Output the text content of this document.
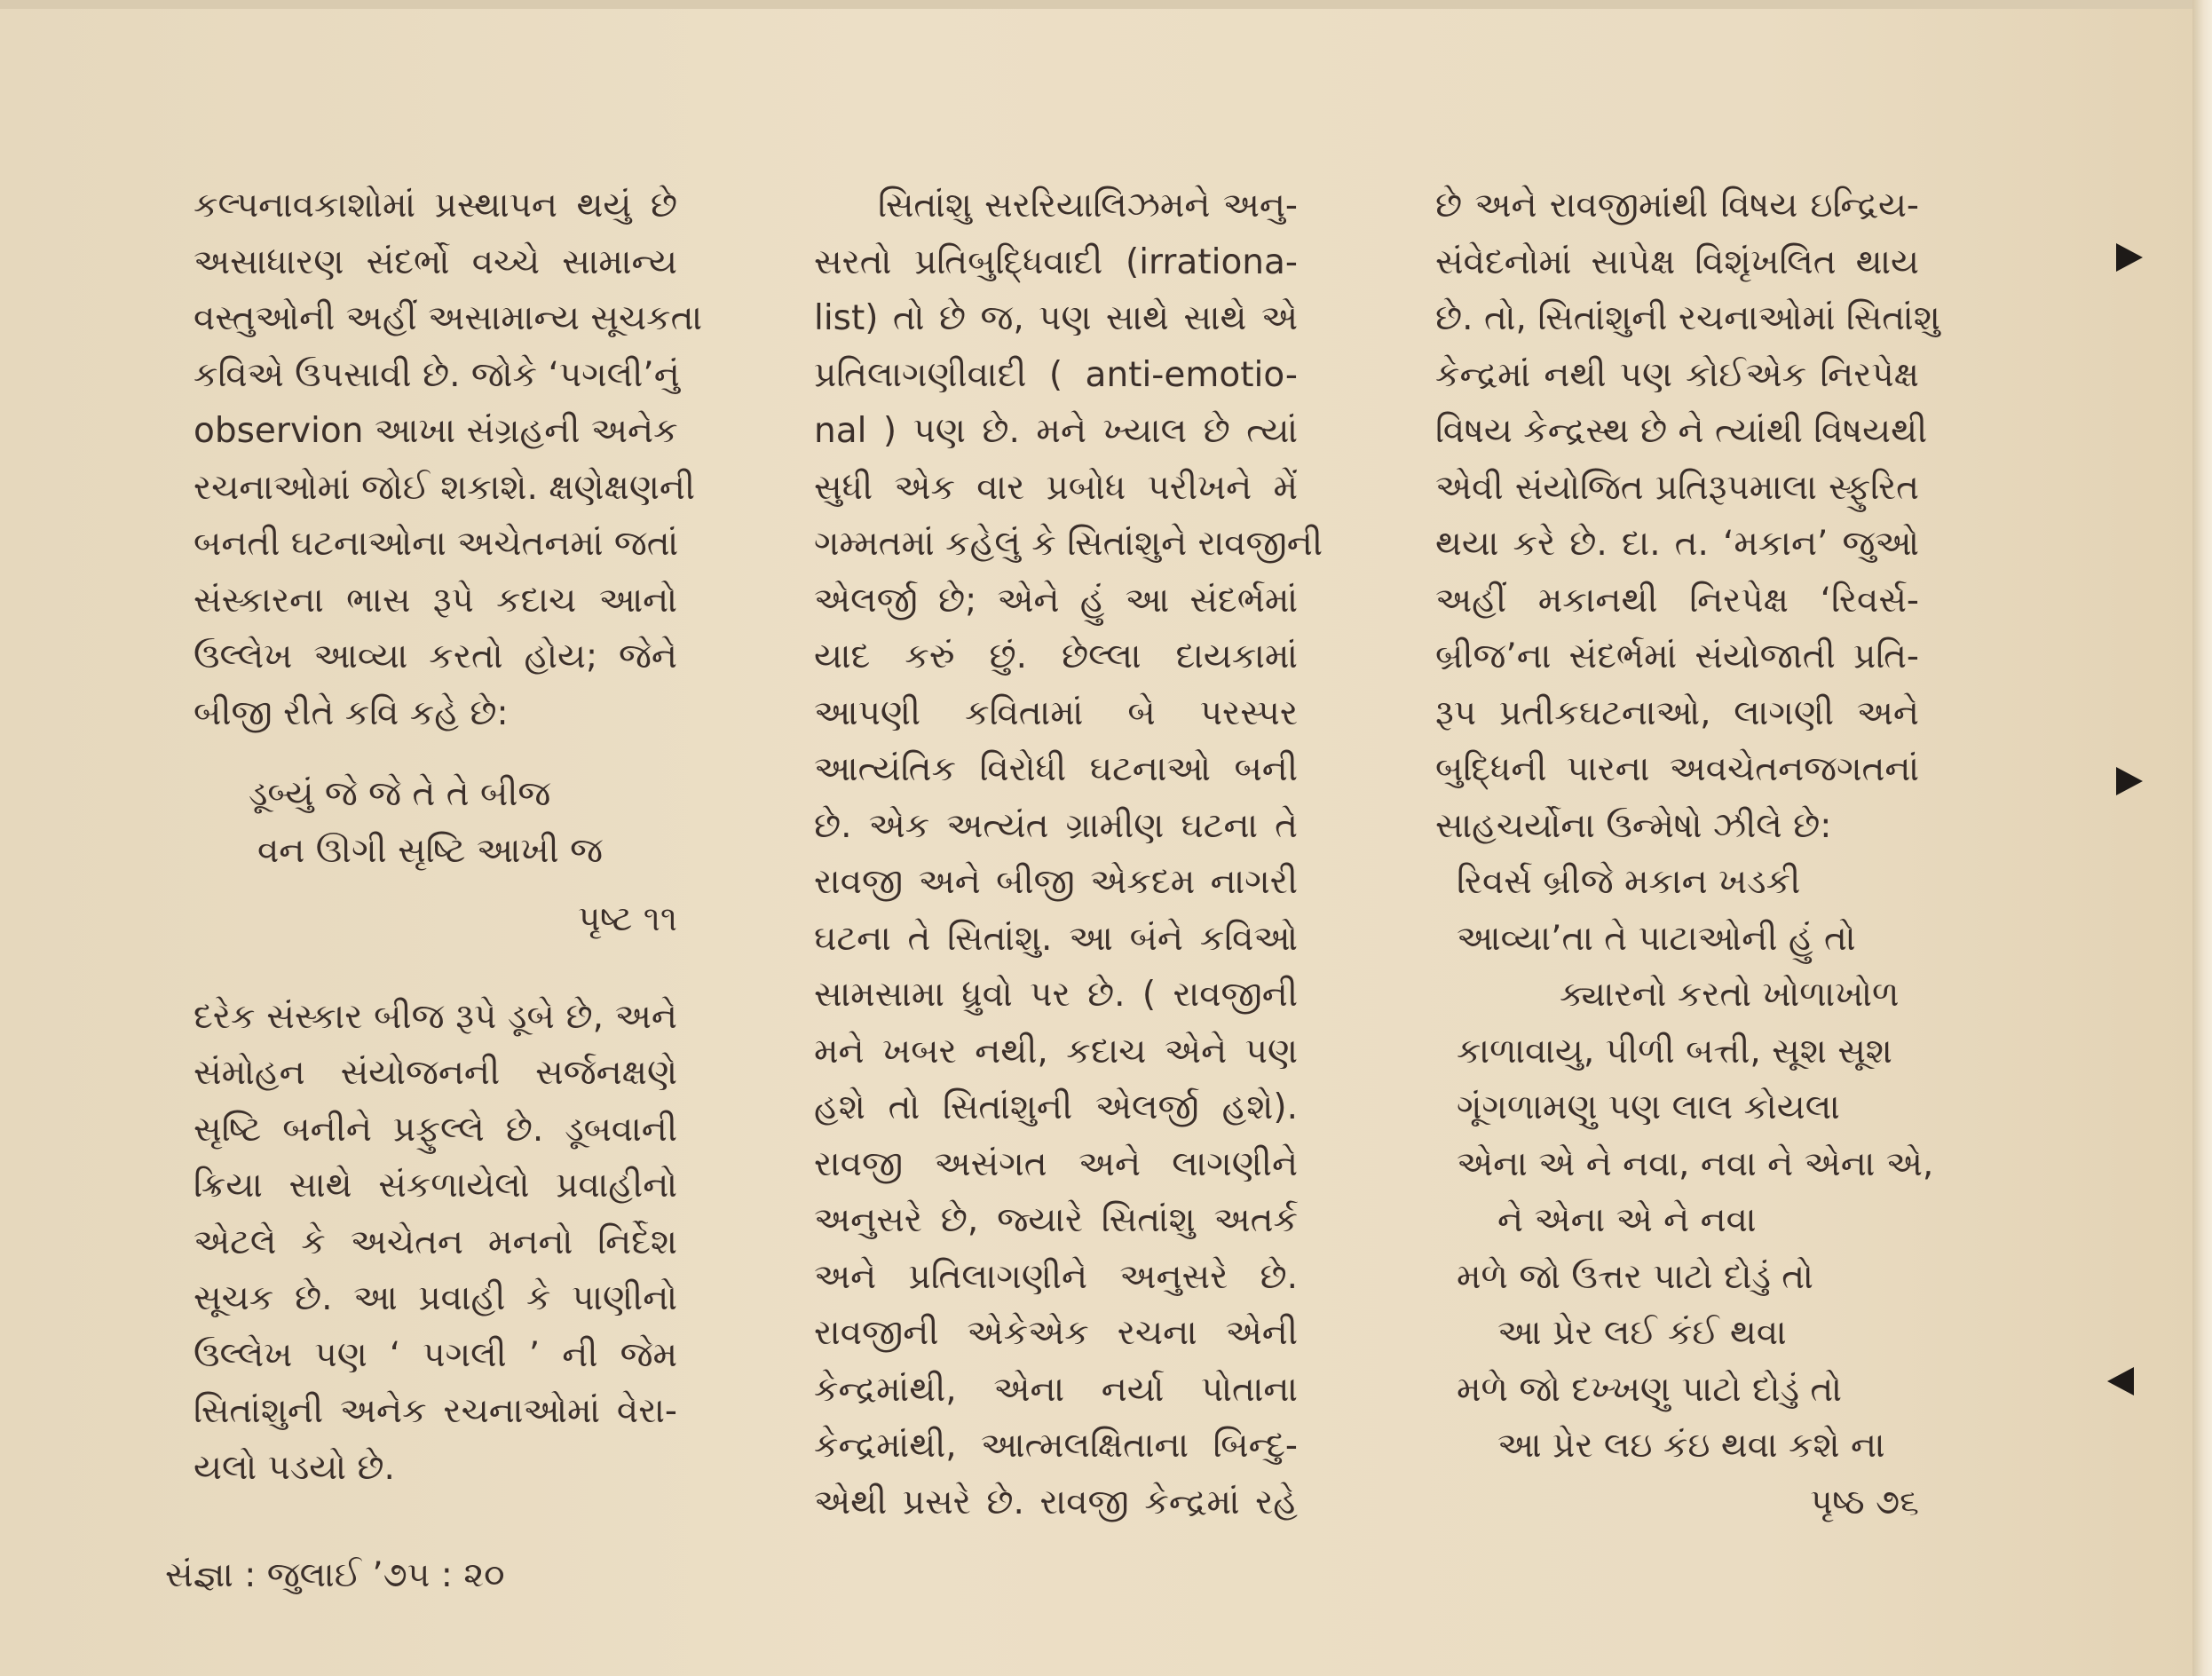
કલ્પનાવકાશોમાં પ્રસ્થાપન થયું છે

અસાધારણ સંદર્ભો વચ્ચે સામાન્ય

વસ્તુઓની અહીં અસામાન્ય સૂચકતા

કવિએ ઉપસાવી છે. જોકે ‘પગલી’નું

observion આખા સંગ્રહની અનેક

રચનાઓમાં જોઈ શકાશે. ક્ષણેક્ષણની

બનતી ઘટનાઓના અચેતનમાં જતાં

સંસ્કારના ભાસ રૂપે કદાચ આનો

ઉલ્લેખ આવ્યા કરતો હોય; જેને

બીજી રીતે કવિ કહે છે:

ડૂબ્યું જે જે તે તે બીજ

વન ઊગી સૃષ્ટિ આખી જ

પૃષ્ટ ૧૧

દરેક સંસ્કાર બીજ રૂપે ડૂબે છે, અને

સંમોહન સંયોજનની સર્જનક્ષણે

સૃષ્ટિ બનીને પ્રફુલ્લે છે. ડૂબવાની

ક્રિયા સાથે સંકળાયેલો પ્રવાહીનો

એટલે કે અચેતન મનનો નિર્દેશ

સૂચક છે. આ પ્રવાહી કે પાણીનો

ઉલ્લેખ પણ ‘ પગલી ’ ની જેમ

સિતાંશુની અનેક રચનાઓમાં વેરા-

યલો પડયો છે.

સિતાંશુ સરરિયાલિઝમને અનુ-

સરતો પ્રતિબુદ્ધિવાદી (irrationa-

list) તો છે જ, પણ સાથે સાથે એ

પ્રતિલાગણીવાદી ( anti-emotio-

nal ) પણ છે. મને ખ્યાલ છે ત્યાં

સુધી એક વાર પ્રબોધ પરીખને મેં

ગમ્મતમાં કહેલું કે સિતાંશુને રાવજીની

એલર્જી છે; એને હું આ સંદર્ભમાં

યાદ કરું છું. છેલ્લા દાયકામાં

આપણી કવિતામાં બે પરસ્પર

આત્યંતિક વિરોધી ઘટનાઓ બની

છે. એક અત્યંત ગ્રામીણ ઘટના તે

રાવજી અને બીજી એકદમ નાગરી

ઘટના તે સિતાંશુ. આ બંને કવિઓ

સામસામા ધ્રુવો પર છે. ( રાવજીની

મને ખબર નથી, કદાચ એને પણ

હશે તો સિતાંશુની એલર્જી હશે).

રાવજી અસંગત અને લાગણીને

અનુસરે છે, જ્યારે સિતાંશુ અતર્ક

અને પ્રતિલાગણીને અનુસરે છે.

રાવજીની એકેએક રચના એની

કેન્દ્રમાંથી, એના નર્યા પોતાના

કેન્દ્રમાંથી, આત્મલક્ષિતાના બિન્દુ-

એથી પ્રસરે છે. રાવજી કેન્દ્રમાં રહે

છે અને રાવજીમાંથી વિષય ઇન્દ્રિય-

સંવેદનોમાં સાપેક્ષ વિશૃંખલિત થાય

છે. તો, સિતાંશુની રચનાઓમાં સિતાંશુ

કેન્દ્રમાં નથી પણ કોઈએક નિરપેક્ષ

વિષય કેન્દ્રસ્થ છે ને ત્યાંથી વિષયથી

એવી સંયોજિત પ્રતિરૂપમાલા સ્ફુરિત

થયા કરે છે. દા. ત. ‘મકાન’ જુઓ

અહીં મકાનથી નિરપેક્ષ ‘રિવર્સ-

બ્રીજ’ના સંદર્ભમાં સંયોજાતી પ્રતિ-

રૂપ પ્રતીકઘટનાઓ, લાગણી અને

બુદ્ધિની પારના અવચેતનજગતનાં

સાહચર્યોના ઉન્મેષો ઝીલે છે:

રિવર્સ બ્રીજે મકાન ખડકી

આવ્યા’તા તે પાટાઓની હું તો

ક્યારનો કરતો ખોળાખોળ

કાળાવાયુ, પીળી બત્તી, સૂશ સૂશ

ગૂંગળામણુ પણ લાલ કોયલા

એના એ ને નવા, નવા ને એના એ,

ને એના એ ને નવા

મળે જો ઉત્તર પાટો દોડું તો

આ પ્રેર લઈ કંઈ થવા

મળે જો દખ્ખણુ પાટો દોડું તો

આ પ્રેર લઇ કંઇ થવા કશે ના

પૃષ્ઠ ૭૬

સંજ્ઞા : જુલાઈ ’૭૫ : ૨૦
